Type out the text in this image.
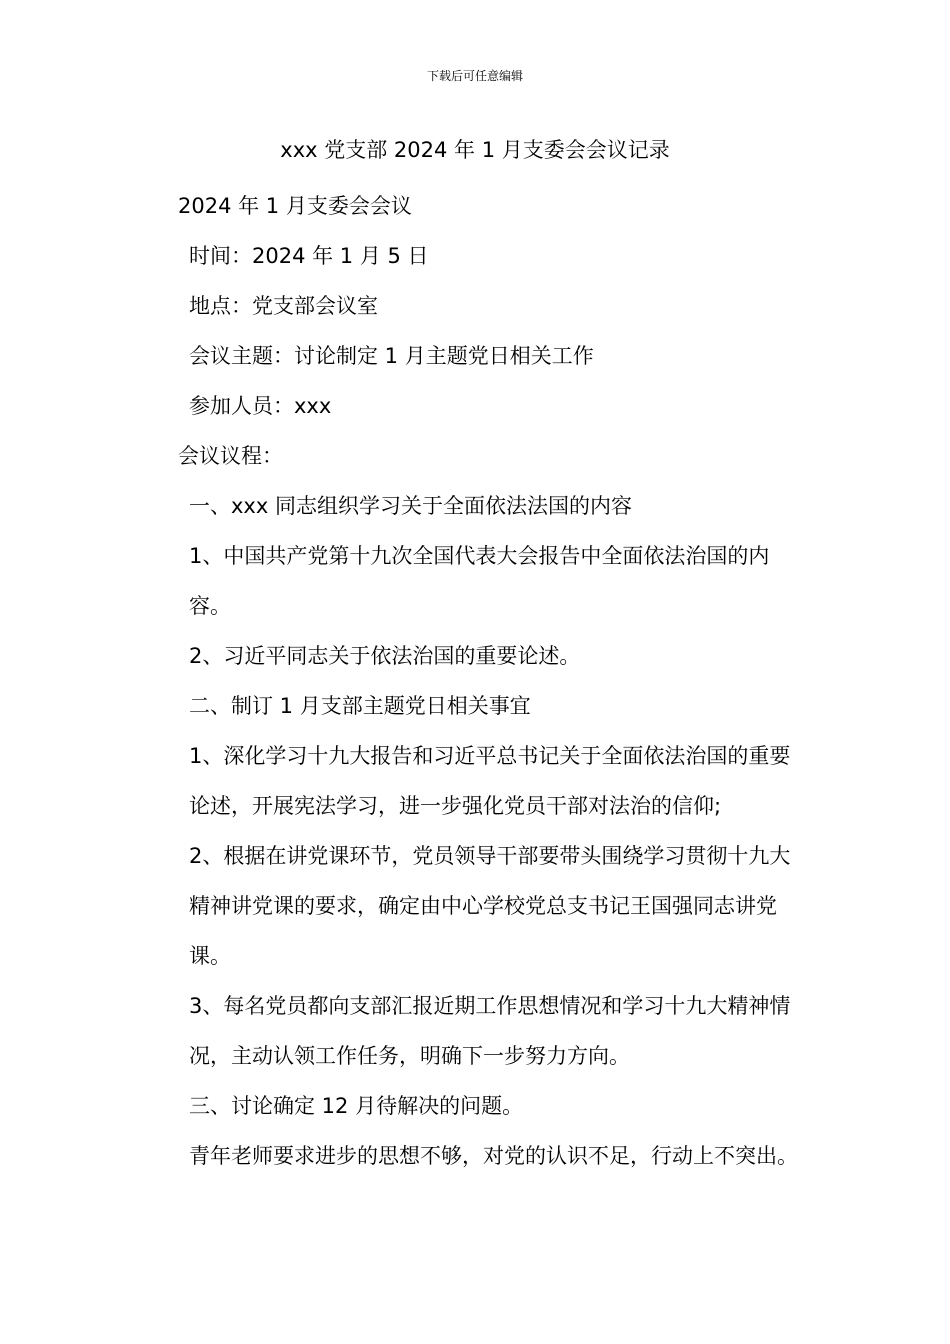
下载后可任意编辑
xxx 党支部 2024 年 1 月支委会会议记录

2024 年 1 月支委会会议

时间：2024 年 1 月 5 日

地点：党支部会议室

会议主题：讨论制定 1 月主题党日相关工作

参加人员：xxx

会议议程：

一、xxx 同志组织学习关于全面依法法国的内容

1、中国共产党第十九次全国代表大会报告中全面依法治国的内容。

2、习近平同志关于依法治国的重要论述。

二、制订 1 月支部主题党日相关事宜

1、深化学习十九大报告和习近平总书记关于全面依法治国的重要论述，开展宪法学习，进一步强化党员干部对法治的信仰;

2、根据在讲党课环节，党员领导干部要带头围绕学习贯彻十九大精神讲党课的要求，确定由中心学校党总支书记王国强同志讲党课。

3、每名党员都向支部汇报近期工作思想情况和学习十九大精神情况，主动认领工作任务，明确下一步努力方向。

三、讨论确定 12 月待解决的问题。

青年老师要求进步的思想不够，对党的认识不足，行动上不突出。
